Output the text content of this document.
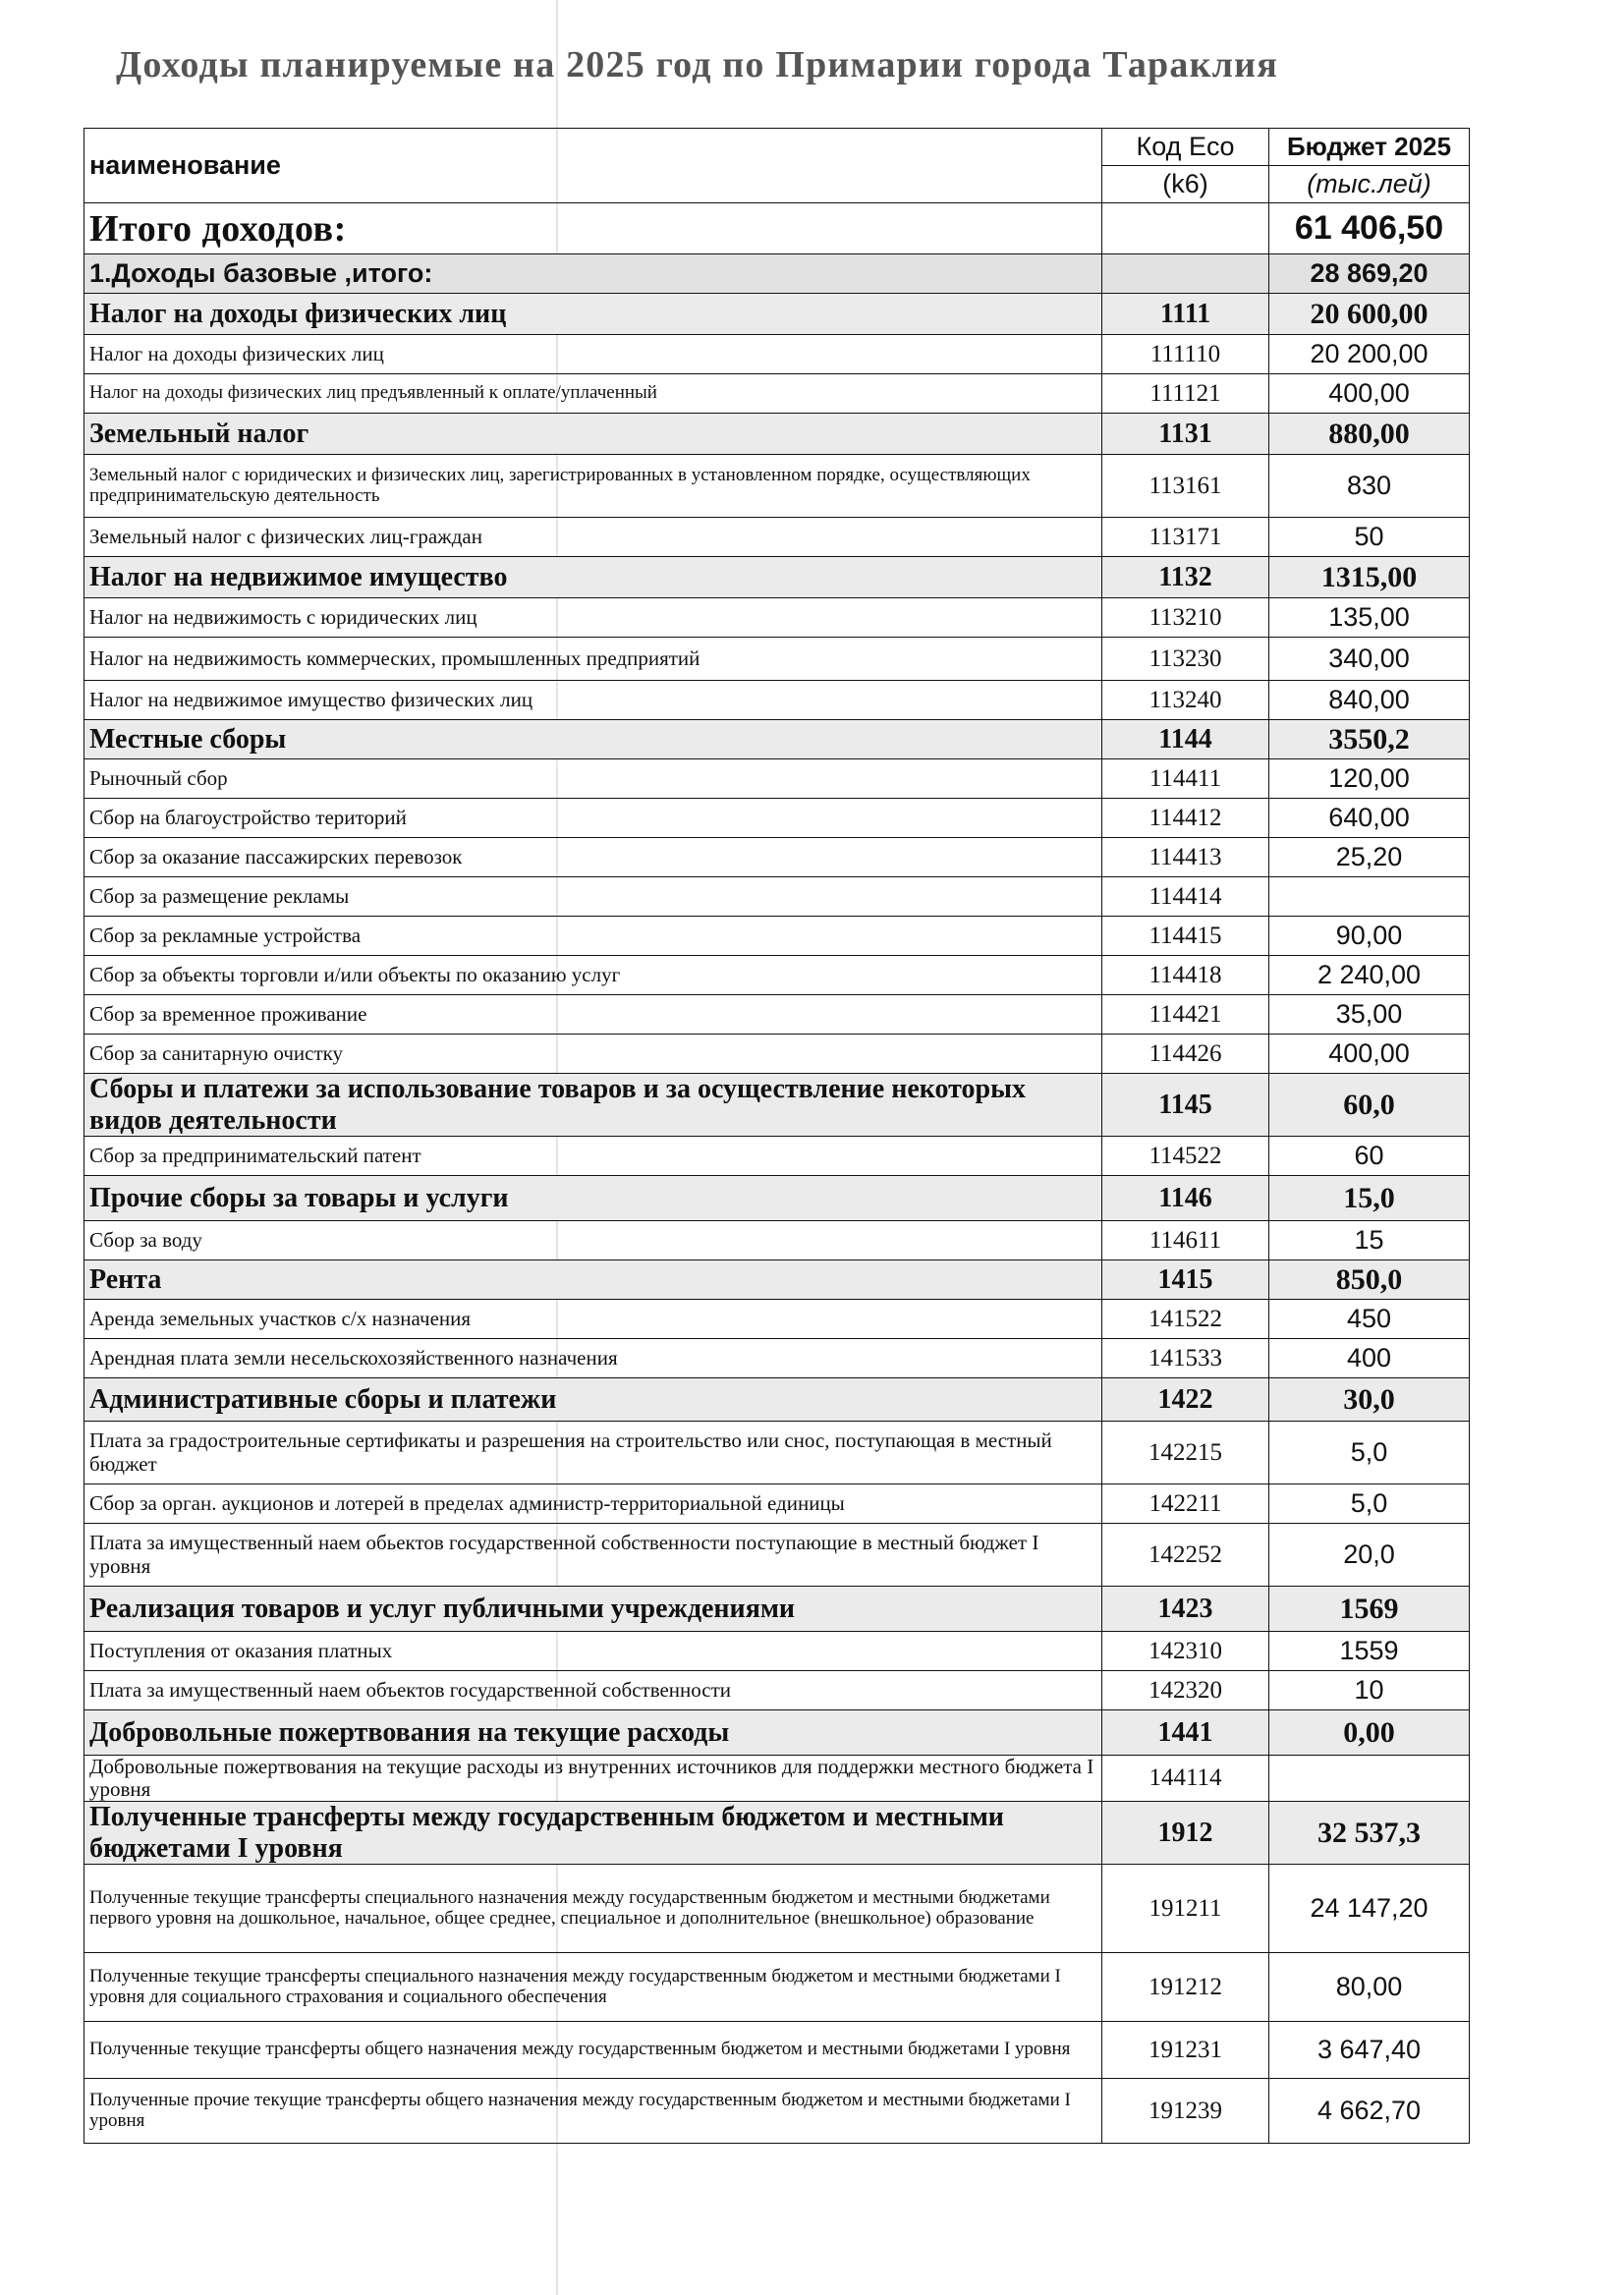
Доходы планируемые на 2025 год по Примарии города Тараклия
наименование	Код Eco	Бюджет 2025
	(k6)	(тыс.лей)
Итого доходов:		61 406,50
1.Доходы базовые ,итого:		28 869,20
Налог на доходы физических лиц	1111	20 600,00
Налог на доходы физических лиц	111110	20 200,00
Налог на доходы физических лиц предъявленный к оплате/уплаченный	111121	400,00
Земельный налог	1131	880,00
Земельный налог с юридических и физических лиц, зарегистрированных в установленном порядке, осуществляющих предпринимательскую деятельность	113161	830
Земельный налог с физических лиц-граждан	113171	50
Налог на недвижимое имущество	1132	1315,00
Налог на недвижимость с юридических лиц	113210	135,00
Налог на недвижимость коммерческих, промышленных предприятий	113230	340,00
Налог на недвижимое имущество физических лиц	113240	840,00
Местные сборы	1144	3550,2
Рыночный сбор	114411	120,00
Сбор на благоустройство територий	114412	640,00
Сбор за оказание пассажирских перевозок	114413	25,20
Сбор за размещение рекламы	114414	
Сбор за рекламные устройства	114415	90,00
Сбор за объекты торговли и/или объекты по оказанию услуг	114418	2 240,00
Сбор за временное проживание	114421	35,00
Сбор за санитарную очистку	114426	400,00
Сборы и платежи за использование товаров и за осуществление некоторых видов деятельности	1145	60,0
Сбор за предпринимательский патент	114522	60
Прочие сборы за товары и услуги	1146	15,0
Сбор за воду	114611	15
Рента	1415	850,0
Аренда земельных участков с/х назначения	141522	450
Арендная плата земли несельскохозяйственного назначения	141533	400
Административные сборы и платежи	1422	30,0
Плата за градостроительные сертификаты и разрешения на строительство или снос, поступающая в местный бюджет	142215	5,0
Сбор за орган. аукционов и лотерей в пределах администр-территориальной единицы	142211	5,0
Плата за имущественный наем обьектов государственной собственности поступающие в местный бюджет I уровня	142252	20,0
Реализация товаров и услуг публичными учреждениями	1423	1569
Поступления от оказания платных	142310	1559
Плата за имущественный наем объектов государственной собственности	142320	10
Добровольные пожертвования на текущие расходы	1441	0,00
Добровольные пожертвования на текущие расходы из внутренних источников для поддержки местного бюджета I уровня	144114	
Полученные трансферты между государственным бюджетом и местными бюджетами I уровня	1912	32 537,3
Полученные текущие трансферты специального назначения между государственным бюджетом и местными бюджетами первого уровня на дошкольное, начальное, общее среднее, специальное и дополнительное (внешкольное) образование	191211	24 147,20
Полученные текущие трансферты специального назначения между государственным бюджетом и местными бюджетами I уровня для социального страхования и социального обеспечения	191212	80,00
Полученные текущие трансферты общего назначения между государственным бюджетом и местными бюджетами I уровня	191231	3 647,40
Полученные прочие текущие трансферты общего назначения между государственным бюджетом и местными бюджетами I уровня	191239	4 662,70
